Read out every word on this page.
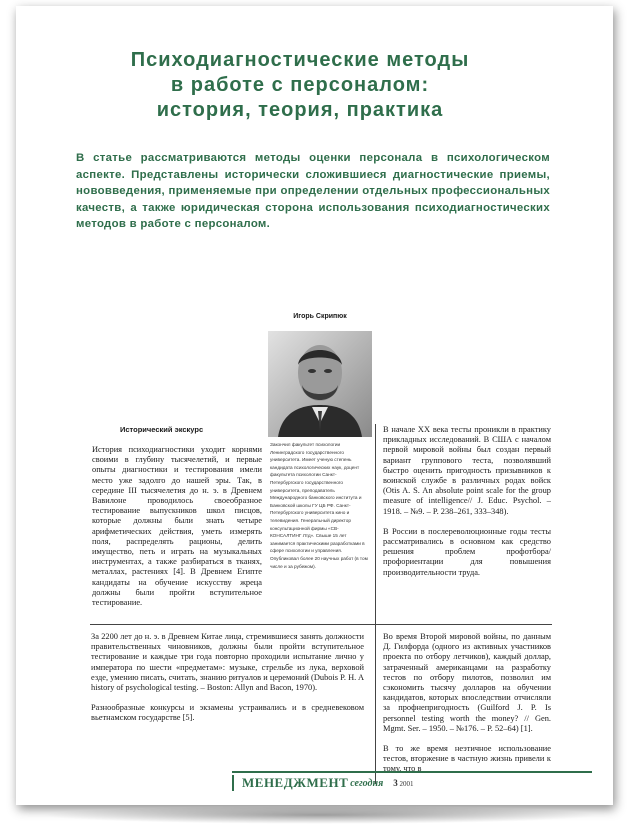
Психодиагностические методы
в работе с персоналом:
история, теория, практика
В статье рассматриваются методы оценки персонала в психологическом аспекте. Представлены исторически сложившиеся диагностические приемы, нововведения, применяемые при определении отдельных профессиональных качеств, а также юридическая сторона использования психодиагностических методов в работе с персоналом.
Игорь Скрипюк
Закончил факультет психологии Ленинградского государственного университета. Имеет ученую степень кандидата психологических наук, доцент факультета психологии Санкт-Петербургского государственного университета, преподаватель Международного банковского института и Банковской школы ГУ ЦБ РФ. Санкт-Петербургского университета кино и телевидения. Генеральный директор консультационной фирмы «СВ-КОНСАЛТИНГ Лтд». Свыше 15 лет занимается практическими разработками в сфере психологии и управления. Опубликовал более 20 научных работ (в том числе и за рубежом).
Исторический экскурс

История психодиагностики уходит корнями своими в глубину тысячелетий, и первые опыты диагностики и тестирования имели место уже задолго до нашей эры. Так, в середине III тысячелетия до н. э. в Древнем Вавилоне проводилось своеобразное тестирование выпускников школ писцов, которые должны были знать четыре арифметических действия, уметь измерять поля, распределять рационы, делить имущество, петь и играть на музыкальных инструментах, а также разбираться в тканях, металлах, растениях [4]. В Древнем Египте кандидаты на обучение искусству жреца должны были пройти вступительное тестирование.

В начале XX века тесты проникли в практику прикладных исследований. В США с началом первой мировой войны был создан первый вариант группового теста, позволявший быстро оценить пригодность призывников к воинской службе в различных родах войск (Otis A. S. An absolute point scale for the group measure of intelligence// J. Educ. Psychol. – 1918. – №9. – P. 238–261, 333–348).

В России в послереволюционные годы тесты рассматривались в основном как средство решения проблем профотбора/профориентации для повышения производительности труда.

За 2200 лет до н. э. в Древнем Китае лица, стремившиеся занять должности правительственных чиновников, должны были пройти вступительное тестирование и каждые три года повторно проходили испытание лично у императора по шести «предметам»: музыке, стрельбе из лука, верховой езде, умению писать, считать, знанию ритуалов и церемоний (Dubois P. H. A history of psychological testing. – Boston: Allyn and Bacon, 1970).

Разнообразные конкурсы и экзамены устраивались и в средневековом вьетнамском государстве [5].

Во время Второй мировой войны, по данным Д. Гилфорда (одного из активных участников проекта по отбору летчиков), каждый доллар, затраченный американцами на разработку тестов по отбору пилотов, позволил им сэкономить тысячу долларов на обучении кандидатов, которых впоследствии отчисляли за профнепригодность (Guilford J. P. Is personnel testing worth the money? // Gen. Mgmt. Ser. – 1950. – №176. – P. 52–64) [1].

В то же время неэтичное использование тестов, вторжение в частную жизнь привели к тому, что в

МЕНЕДЖМЕНТ сегодня 3 2001
